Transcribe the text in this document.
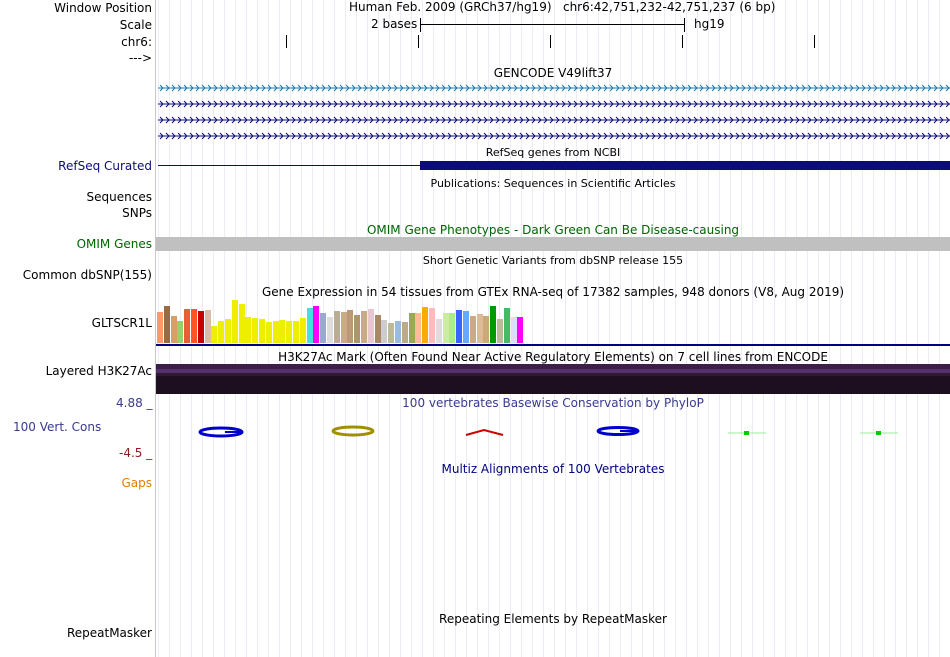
Window Position
Scale
chr6:
--->
Human Feb. 2009 (GRCh37/hg19) chr6:42,751,232-42,751,237 (6 bp)
2 bases	hg19
GENCODE V49lift37
RefSeq genes from NCBI
RefSeq Curated
Publications: Sequences in Scientific Articles
Sequences
SNPs
OMIM Gene Phenotypes - Dark Green Can Be Disease-causing
OMIM Genes
Short Genetic Variants from dbSNP release 155
Common dbSNP(155)
Gene Expression in 54 tissues from GTEx RNA-seq of 17382 samples, 948 donors (V8, Aug 2019)
GLTSCR1L
H3K27Ac Mark (Often Found Near Active Regulatory Elements) on 7 cell lines from ENCODE
Layered H3K27Ac
4.88 _	100 vertebrates Basewise Conservation by PhyloP
100 Vert. Cons
-4.5 _
Multiz Alignments of 100 Vertebrates
Gaps
Repeating Elements by RepeatMasker
RepeatMasker
